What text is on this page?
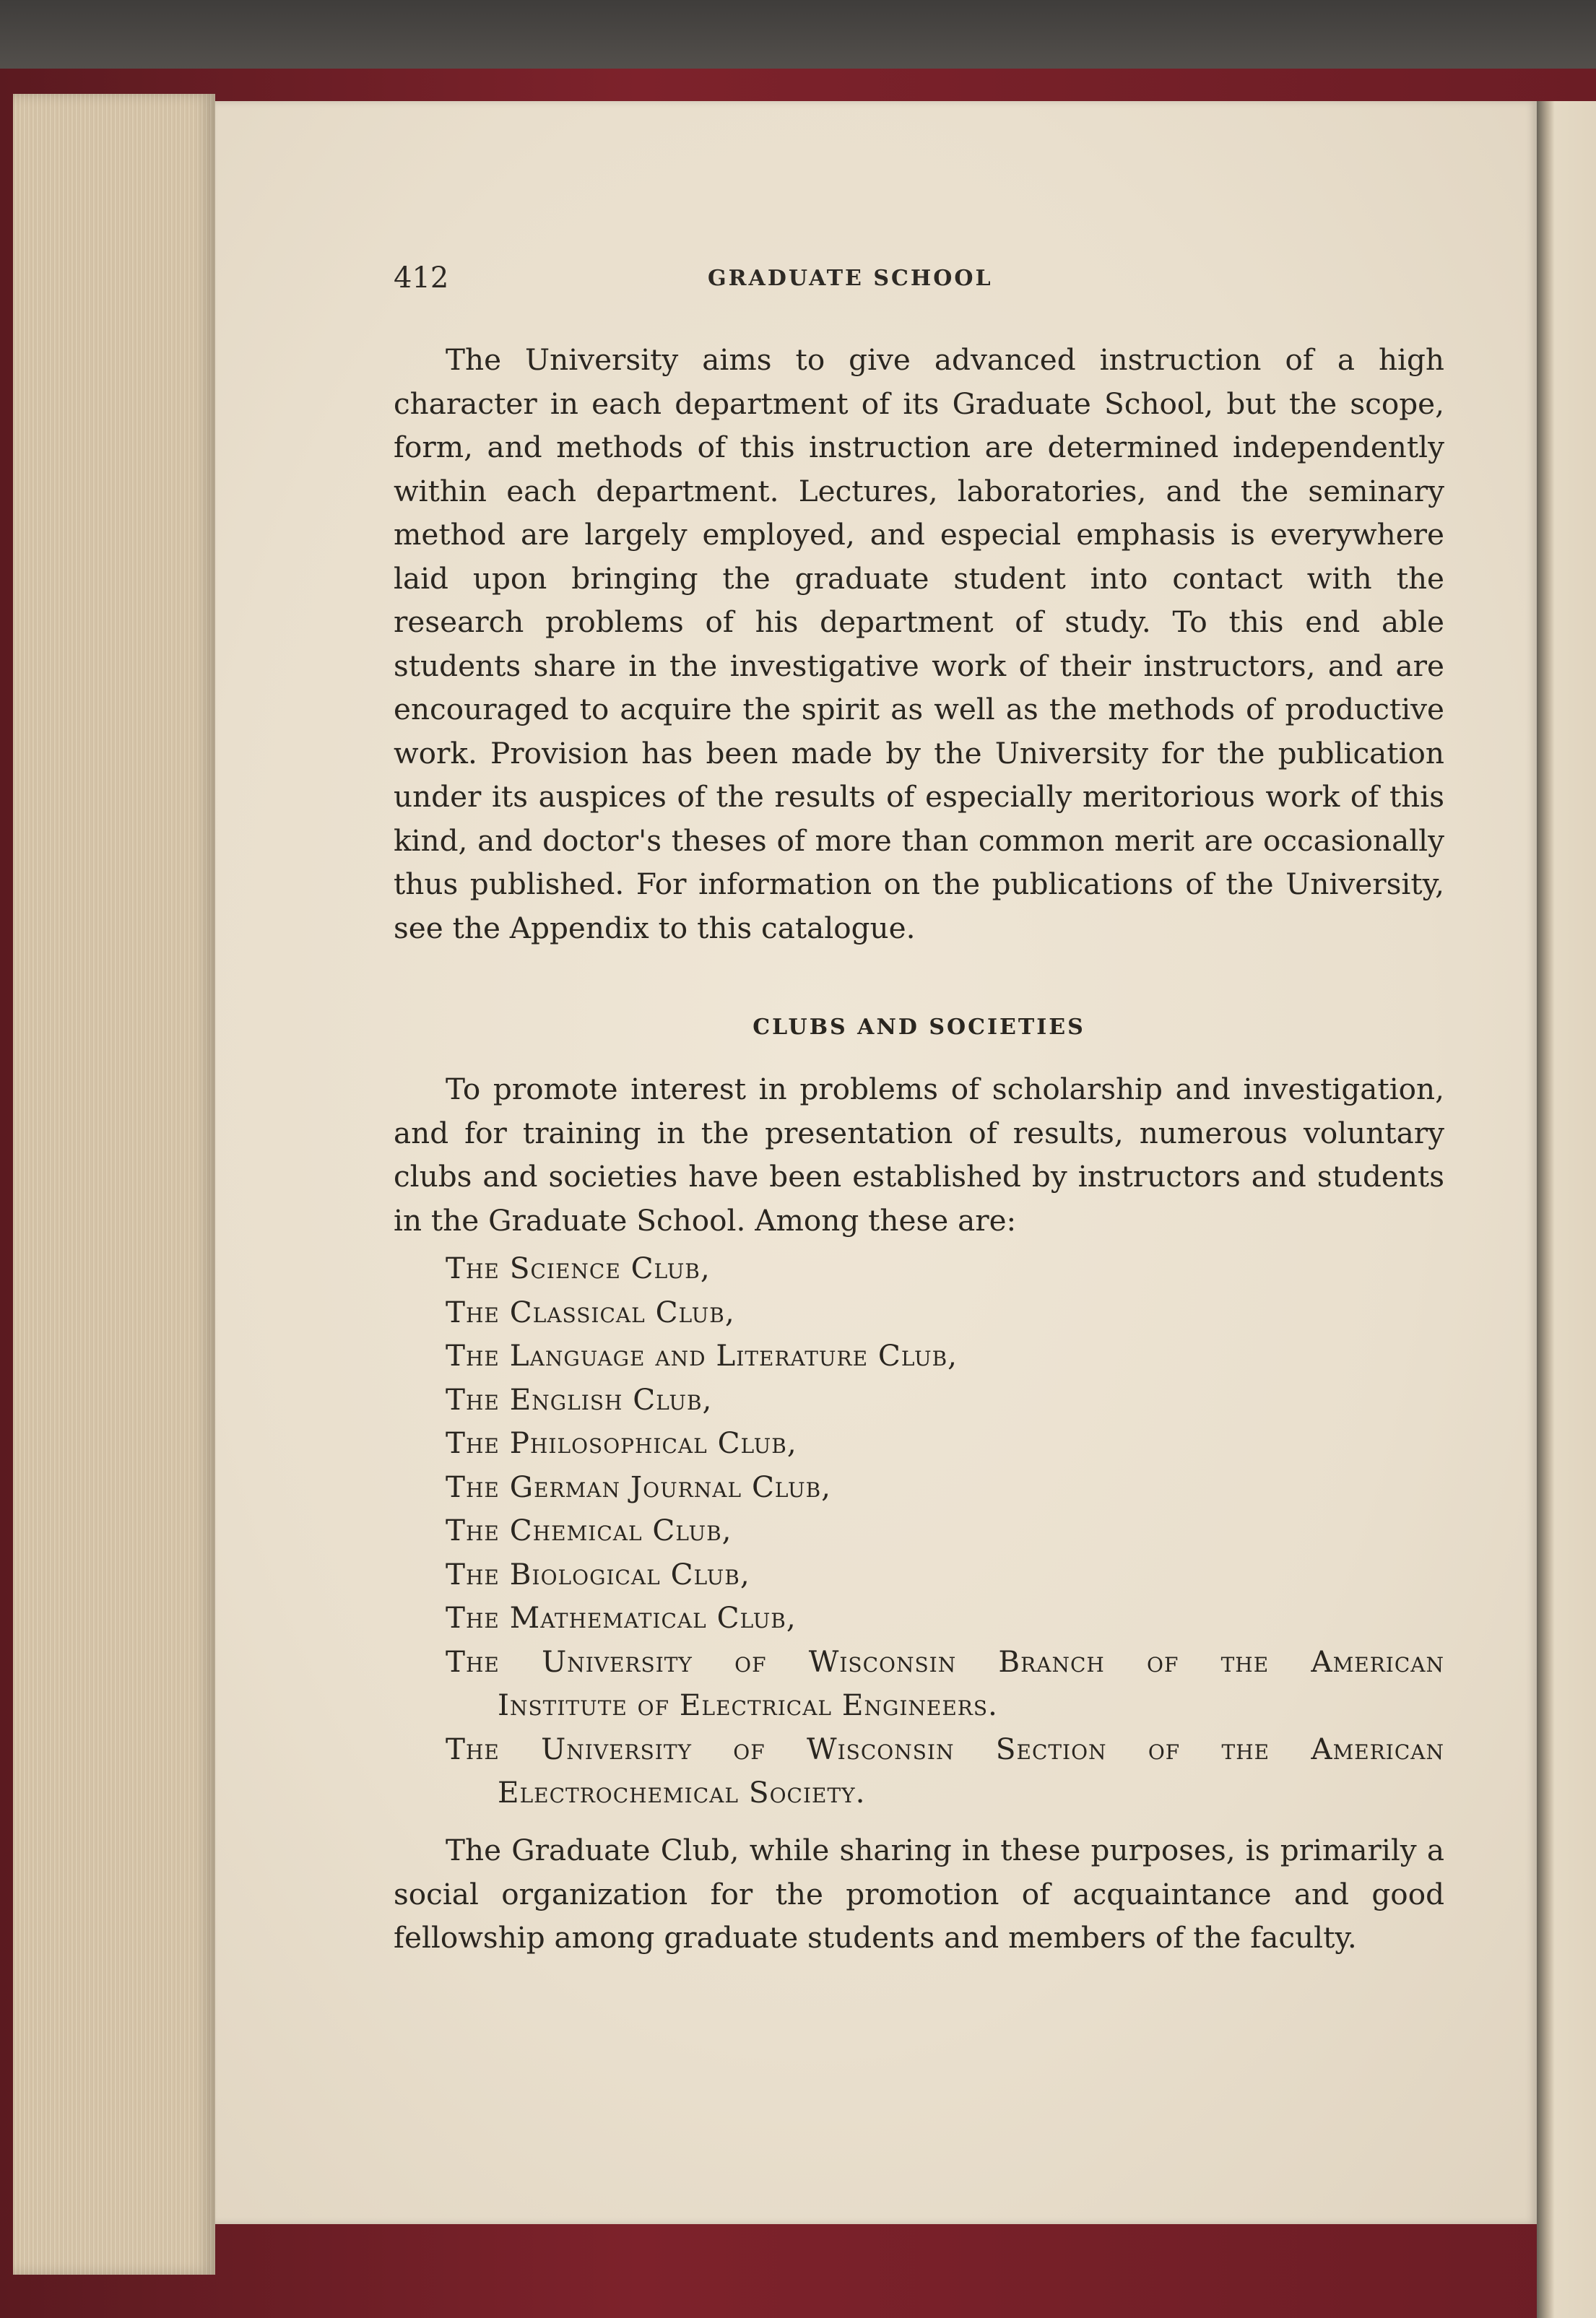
412	GRADUATE SCHOOL

The University aims to give advanced instruction of a high character in each department of its Graduate School, but the scope, form, and methods of this instruction are determined independently within each department. Lectures, laboratories, and the seminary method are largely employed, and especial emphasis is everywhere laid upon bringing the graduate student into contact with the research problems of his department of study. To this end able students share in the investigative work of their instructors, and are encouraged to acquire the spirit as well as the methods of productive work. Provision has been made by the University for the publication under its auspices of the results of especially meritorious work of this kind, and doctor's theses of more than common merit are occasionally thus published. For information on the publications of the University, see the Appendix to this catalogue.

CLUBS AND SOCIETIES

To promote interest in problems of scholarship and investigation, and for training in the presentation of results, numerous voluntary clubs and societies have been established by instructors and students in the Graduate School. Among these are:

The Science Club,
The Classical Club,
The Language and Literature Club,
The English Club,
The Philosophical Club,
The German Journal Club,
The Chemical Club,
The Biological Club,
The Mathematical Club,
The University of Wisconsin Branch of the American
Institute of Electrical Engineers.
The University of Wisconsin Section of the American
Electrochemical Society.

The Graduate Club, while sharing in these purposes, is primarily a social organization for the promotion of acquaintance and good fellowship among graduate students and members of the faculty.
